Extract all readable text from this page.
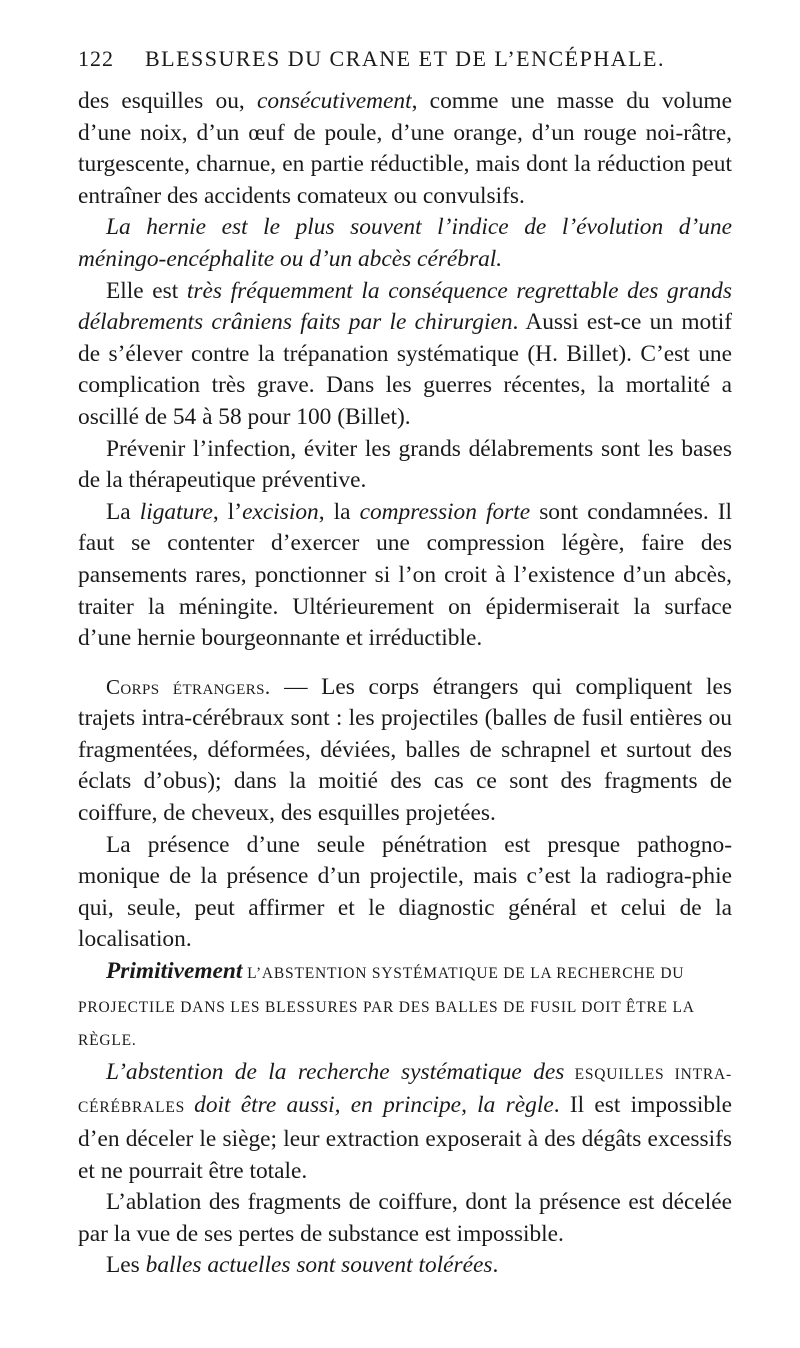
122	BLESSURES DU CRANE ET DE L’ENCÉPHALE.

des esquilles ou, consécutivement, comme une masse du volume d’une noix, d’un œuf de poule, d’une orange, d’un rouge noi-râtre, turgescente, charnue, en partie réductible, mais dont la réduction peut entraîner des accidents comateux ou convulsifs.

La hernie est le plus souvent l’indice de l’évolution d’une méningo-encéphalite ou d’un abcès cérébral.

Elle est très fréquemment la conséquence regrettable des grands délabrements crâniens faits par le chirurgien. Aussi est-ce un motif de s’élever contre la trépanation systématique (H. Billet). C’est une complication très grave. Dans les guerres récentes, la mortalité a oscillé de 54 à 58 pour 100 (Billet).

Prévenir l’infection, éviter les grands délabrements sont les bases de la thérapeutique préventive.

La ligature, l’excision, la compression forte sont condamnées. Il faut se contenter d’exercer une compression légère, faire des pansements rares, ponctionner si l’on croit à l’existence d’un abcès, traiter la méningite. Ultérieurement on épidermiserait la surface d’une hernie bourgeonnante et irréductible.

Corps étrangers. — Les corps étrangers qui compliquent les trajets intra-cérébraux sont : les projectiles (balles de fusil entières ou fragmentées, déformées, déviées, balles de schrapnel et surtout des éclats d’obus); dans la moitié des cas ce sont des fragments de coiffure, de cheveux, des esquilles projetées.

La présence d’une seule pénétration est presque pathogno-monique de la présence d’un projectile, mais c’est la radiogra-phie qui, seule, peut affirmer et le diagnostic général et celui de la localisation.

Primitivement L’ABSTENTION SYSTÉMATIQUE DE LA RECHERCHE DU PROJECTILE DANS LES BLESSURES PAR DES BALLES DE FUSIL DOIT ÊTRE LA RÈGLE.

L’abstention de la recherche systématique des ESQUILLES INTRA-CÉRÉBRALES doit être aussi, en principe, la règle. Il est impossible d’en déceler le siège; leur extraction exposerait à des dégâts excessifs et ne pourrait être totale.

L’ablation des fragments de coiffure, dont la présence est décelée par la vue de ses pertes de substance est impossible.

Les balles actuelles sont souvent tolérées.
